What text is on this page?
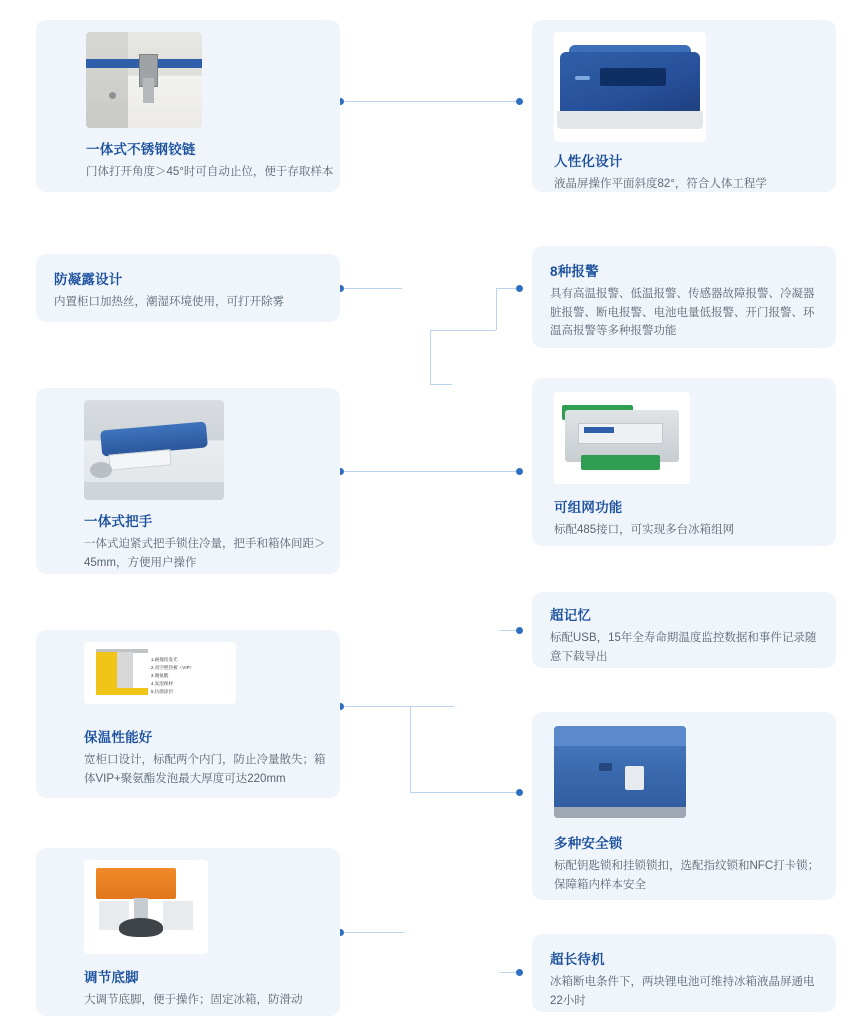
一体式不锈钢铰链
门体打开角度＞45°时可自动止位，便于存取样本
人性化设计
液晶屏操作平面斜度82°，符合人体工程学
防凝露设计
内置柜口加热丝，潮湿环境使用，可打开除雾
8种报警
具有高温报警、低温报警、传感器故障报警、冷凝器脏报警、断电报警、电池电量低报警、开门报警、环温高报警等多种报警功能
一体式把手
一体式迫紧式把手锁住冷量，把手和箱体间距＞45mm，方便用户操作
可组网功能
标配485接口，可实现多台冰箱组网
超记忆
标配USB，15年全寿命期温度监控数据和事件记录随意下载导出
1.耐撞铝发光
2.真空绝热板（VIP）
3.聚氨酯
4.发泡保材
5.抗菌涂层
保温性能好
宽柜口设计，标配两个内门，防止冷量散失；箱体VIP+聚氨酯发泡最大厚度可达220mm
多种安全锁
标配钥匙锁和挂锁锁扣，选配指纹锁和NFC打卡锁；保障箱内样本安全
调节底脚
大调节底脚，便于操作；固定冰箱，防滑动
超长待机
冰箱断电条件下，两块锂电池可维持冰箱液晶屏通电22小时
